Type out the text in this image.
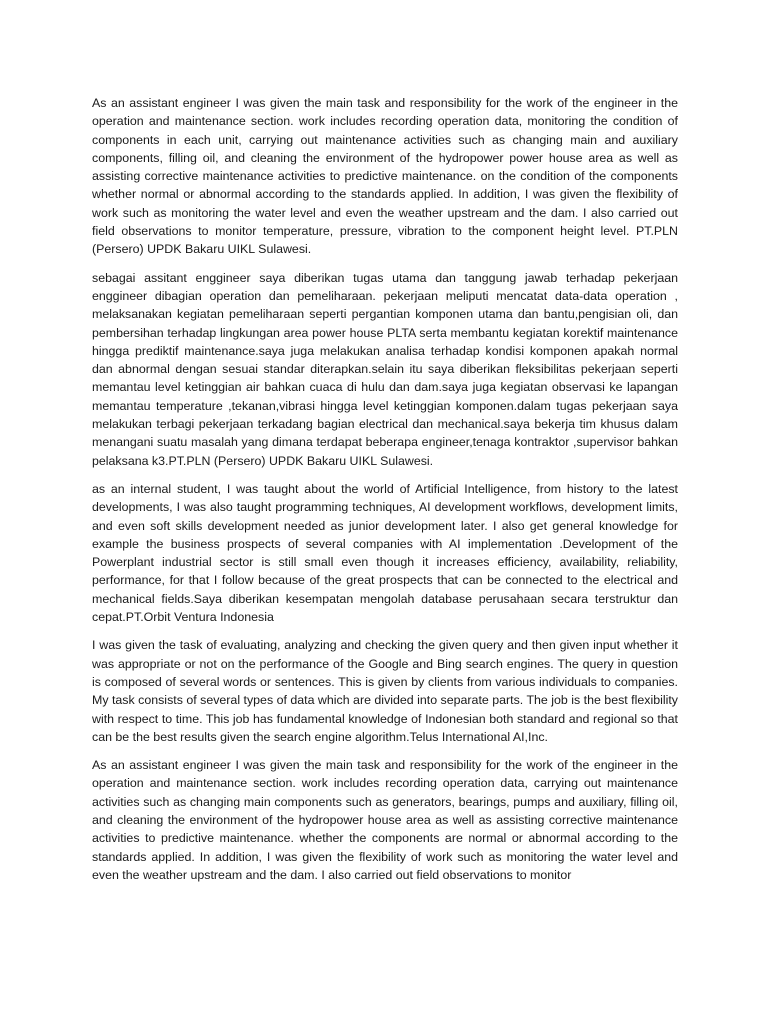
As an assistant engineer I was given the main task and responsibility for the work of the engineer in the operation and maintenance section. work includes recording operation data, monitoring the condition of components in each unit, carrying out maintenance activities such as changing main and auxiliary components, filling oil, and cleaning the environment of the hydropower power house area as well as assisting corrective maintenance activities to predictive maintenance. on the condition of the components whether normal or abnormal according to the standards applied. In addition, I was given the flexibility of work such as monitoring the water level and even the weather upstream and the dam. I also carried out field observations to monitor temperature, pressure, vibration to the component height level. PT.PLN (Persero) UPDK Bakaru UIKL Sulawesi.

sebagai assitant enggineer saya diberikan tugas utama dan tanggung jawab terhadap pekerjaan enggineer dibagian operation dan pemeliharaan. pekerjaan meliputi mencatat data-data operation , melaksanakan kegiatan pemeliharaan seperti pergantian komponen utama dan bantu,pengisian oli, dan pembersihan terhadap lingkungan area power house PLTA serta membantu kegiatan korektif maintenance hingga prediktif maintenance.saya juga melakukan analisa terhadap kondisi komponen apakah normal dan abnormal dengan sesuai standar diterapkan.selain itu saya diberikan fleksibilitas pekerjaan seperti memantau level ketinggian air bahkan cuaca di hulu dan dam.saya juga kegiatan observasi ke lapangan memantau temperature ,tekanan,vibrasi hingga level ketinggian komponen.dalam tugas pekerjaan saya melakukan terbagi pekerjaan terkadang bagian electrical dan mechanical.saya bekerja tim khusus dalam menangani suatu masalah yang dimana terdapat beberapa engineer,tenaga kontraktor ,supervisor bahkan pelaksana k3.PT.PLN (Persero) UPDK Bakaru UIKL Sulawesi.

as an internal student, I was taught about the world of Artificial Intelligence, from history to the latest developments, I was also taught programming techniques, AI development workflows, development limits, and even soft skills development needed as junior development later. I also get general knowledge for example the business prospects of several companies with AI implementation .Development of the Powerplant industrial sector is still small even though it increases efficiency, availability, reliability, performance, for that I follow because of the great prospects that can be connected to the electrical and mechanical fields.Saya diberikan kesempatan mengolah database perusahaan secara terstruktur dan cepat.PT.Orbit Ventura Indonesia

I was given the task of evaluating, analyzing and checking the given query and then given input whether it was appropriate or not on the performance of the Google and Bing search engines. The query in question is composed of several words or sentences. This is given by clients from various individuals to companies. My task consists of several types of data which are divided into separate parts. The job is the best flexibility with respect to time. This job has fundamental knowledge of Indonesian both standard and regional so that can be the best results given the search engine algorithm.Telus International AI,Inc.

As an assistant engineer I was given the main task and responsibility for the work of the engineer in the operation and maintenance section. work includes recording operation data, carrying out maintenance activities such as changing main components such as generators, bearings, pumps and auxiliary, filling oil, and cleaning the environment of the hydropower house area as well as assisting corrective maintenance activities to predictive maintenance. whether the components are normal or abnormal according to the standards applied. In addition, I was given the flexibility of work such as monitoring the water level and even the weather upstream and the dam. I also carried out field observations to monitor
